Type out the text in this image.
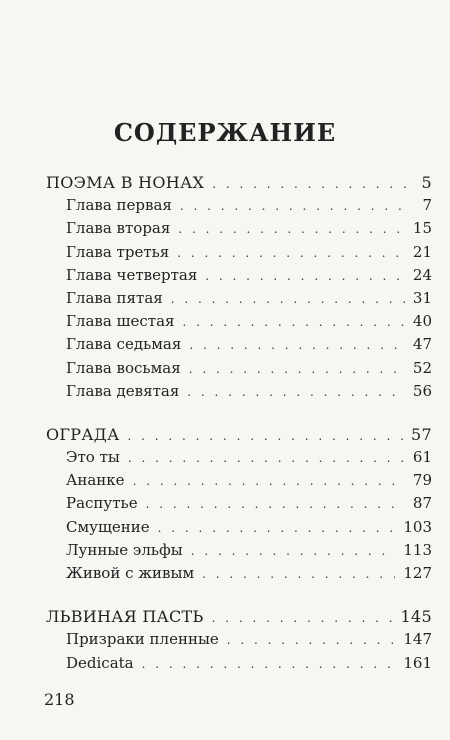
СОДЕРЖАНИЕ
ПОЭМА В НОНАХ . . .	5
Глава первая . . .	7
Глава вторая . . .	15
Глава третья . . .	21
Глава четвертая . . .	24
Глава пятая . . .	31
Глава шестая . . .	40
Глава седьмая . . .	47
Глава восьмая . . .	52
Глава девятая . . .	56
ОГРАДА . . .	57
Это ты . . .	61
Ананке . . .	79
Распутье . . .	87
Смущение . . .	103
Лунные эльфы . . .	113
Живой с живым . . .	127
ЛЬВИНАЯ ПАСТЬ . . .	145
Призраки пленные . . .	147
Dedicata . . .	161
218
